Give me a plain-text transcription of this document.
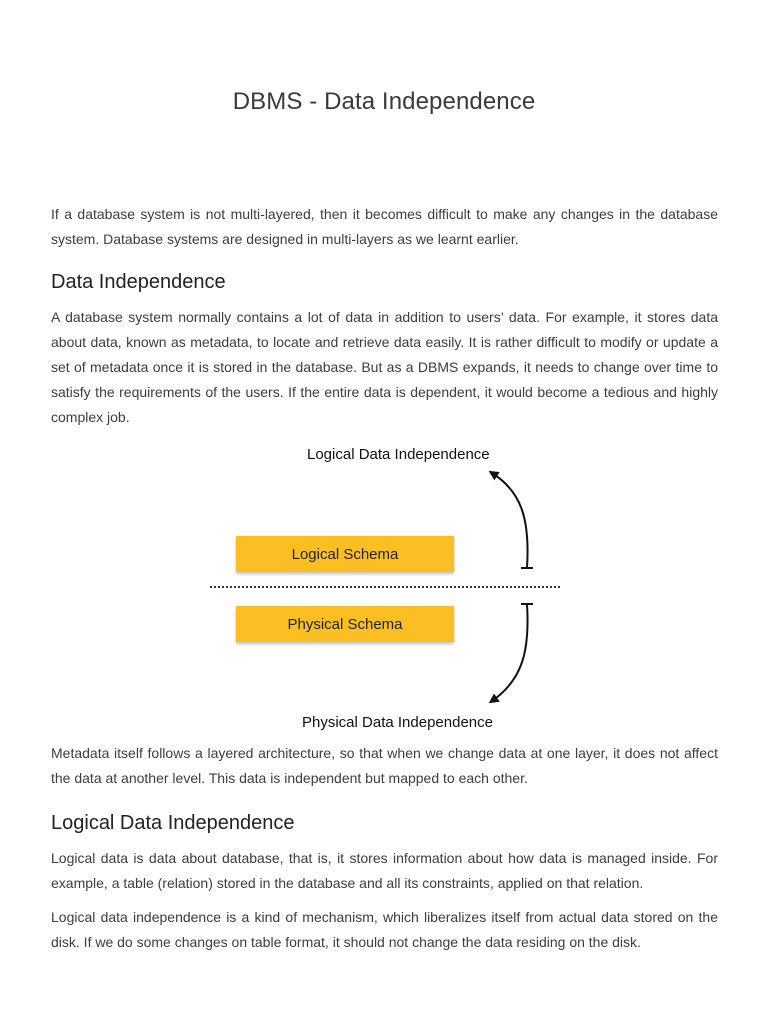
DBMS - Data Independence

If a database system is not multi-layered, then it becomes difficult to make any changes in the database system. Database systems are designed in multi-layers as we learnt earlier.

Data Independence

A database system normally contains a lot of data in addition to users’ data. For example, it stores data about data, known as metadata, to locate and retrieve data easily. It is rather difficult to modify or update a set of metadata once it is stored in the database. But as a DBMS expands, it needs to change over time to satisfy the requirements of the users. If the entire data is dependent, it would become a tedious and highly complex job.

Logical Data Independence
Logical Schema
Physical Schema
Physical Data Independence

Metadata itself follows a layered architecture, so that when we change data at one layer, it does not affect the data at another level. This data is independent but mapped to each other.

Logical Data Independence

Logical data is data about database, that is, it stores information about how data is managed inside. For example, a table (relation) stored in the database and all its constraints, applied on that relation.

Logical data independence is a kind of mechanism, which liberalizes itself from actual data stored on the disk. If we do some changes on table format, it should not change the data residing on the disk.
